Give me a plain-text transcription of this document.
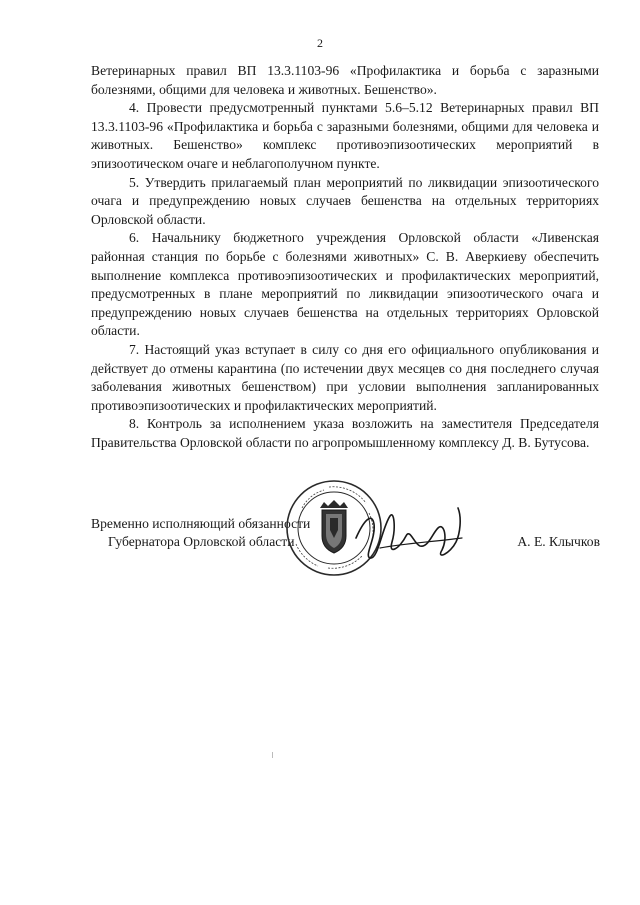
2

Ветеринарных правил ВП 13.3.1103-96 «Профилактика и борьба с заразными болезнями, общими для человека и животных. Бешенство».

4. Провести предусмотренный пунктами 5.6–5.12 Ветеринарных правил ВП 13.3.1103-96 «Профилактика и борьба с заразными болезнями, общими для человека и животных. Бешенство» комплекс противоэпизоотических мероприятий в эпизоотическом очаге и неблагополучном пункте.

5. Утвердить прилагаемый план мероприятий по ликвидации эпизоотического очага и предупреждению новых случаев бешенства на отдельных территориях Орловской области.

6. Начальнику бюджетного учреждения Орловской области «Ливенская районная станция по борьбе с болезнями животных» С. В. Аверкиеву обеспечить выполнение комплекса противоэпизоотических и профилактических мероприятий, предусмотренных в плане мероприятий по ликвидации эпизоотического очага и предупреждению новых случаев бешенства на отдельных территориях Орловской области.

7. Настоящий указ вступает в силу со дня его официального опубликования и действует до отмены карантина (по истечении двух месяцев со дня последнего случая заболевания животных бешенством) при условии выполнения запланированных противоэпизоотических и профилактических мероприятий.

8. Контроль за исполнением указа возложить на заместителя Председателя Правительства Орловской области по агропромышленному комплексу Д. В. Бутусова.

Временно исполняющий обязанности
Губернатора Орловской области	А. Е. Клычков
